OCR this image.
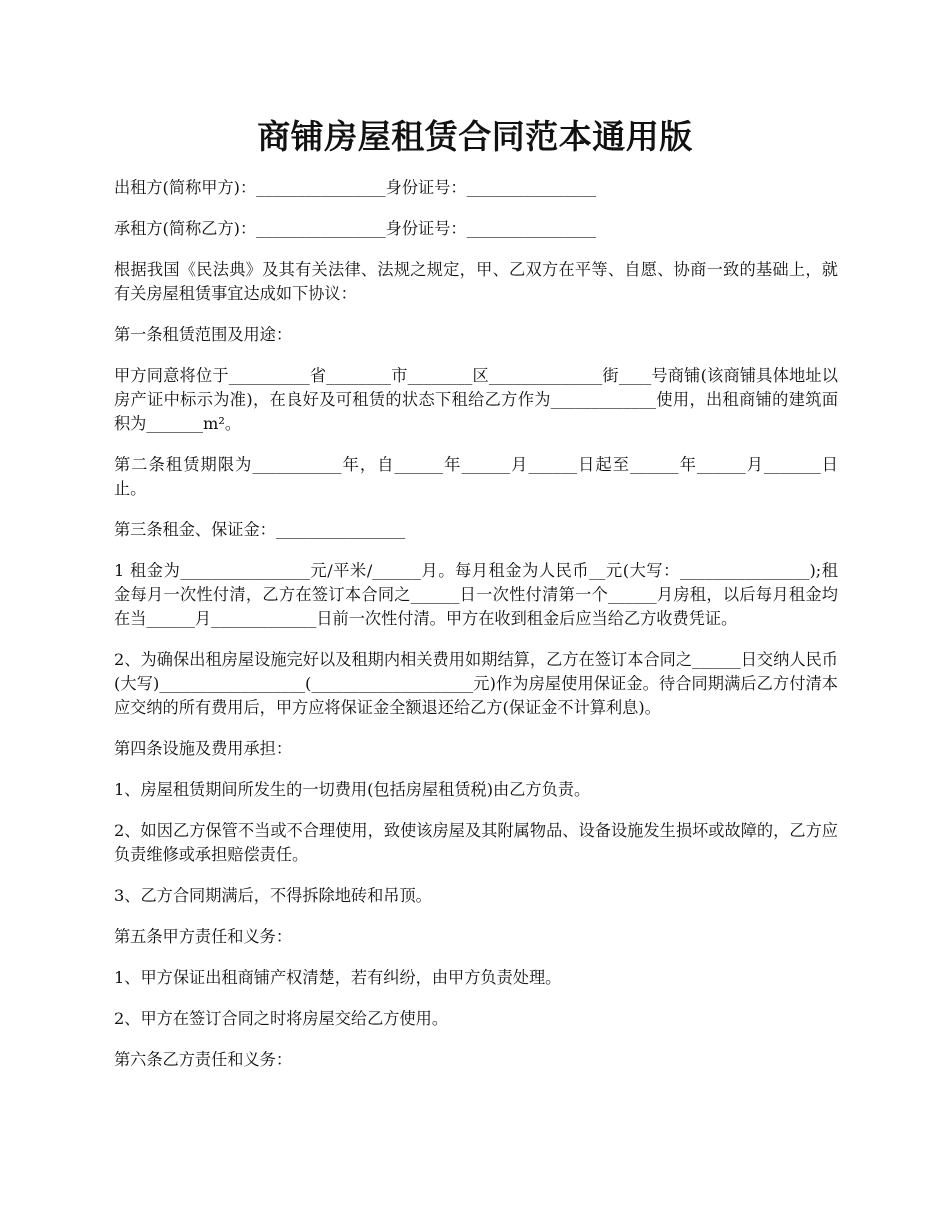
商铺房屋租赁合同范本通用版

出租方(简称甲方)：________________身份证号：________________

承租方(简称乙方)：________________身份证号：________________

根据我国《民法典》及其有关法律、法规之规定，甲、乙双方在平等、自愿、协商一致的基础上，就有关房屋租赁事宜达成如下协议：

第一条租赁范围及用途：

甲方同意将位于__________省________市________区______________街____号商铺(该商铺具体地址以房产证中标示为准)，在良好及可租赁的状态下租给乙方作为_____________使用，出租商铺的建筑面积为_______m²。

第二条租赁期限为___________年，自______年______月______日起至______年______月_______日止。

第三条租金、保证金：________________

1 租金为________________元/平米/______月。每月租金为人民币__元(大写：________________);租金每月一次性付清，乙方在签订本合同之______日一次性付清第一个______月房租，以后每月租金均在当______月_____________日前一次性付清。甲方在收到租金后应当给乙方收费凭证。

2、为确保出租房屋设施完好以及租期内相关费用如期结算，乙方在签订本合同之______日交纳人民币(大写)__________________(____________________元)作为房屋使用保证金。待合同期满后乙方付清本应交纳的所有费用后，甲方应将保证金全额退还给乙方(保证金不计算利息)。

第四条设施及费用承担：

1、房屋租赁期间所发生的一切费用(包括房屋租赁税)由乙方负责。

2、如因乙方保管不当或不合理使用，致使该房屋及其附属物品、设备设施发生损坏或故障的，乙方应负责维修或承担赔偿责任。

3、乙方合同期满后，不得拆除地砖和吊顶。

第五条甲方责任和义务：

1、甲方保证出租商铺产权清楚，若有纠纷，由甲方负责处理。

2、甲方在签订合同之时将房屋交给乙方使用。

第六条乙方责任和义务：
